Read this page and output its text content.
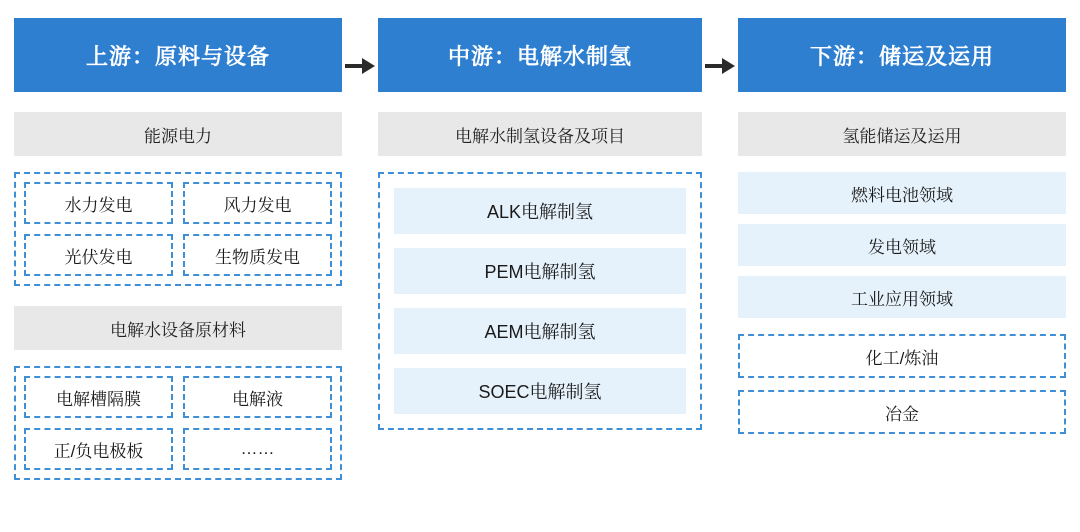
上游：原料与设备
能源电力
水力发电	风力发电
光伏发电	生物质发电
电解水设备原材料
电解槽隔膜	电解液
正/负电极板	……
中游：电解水制氢
电解水制氢设备及项目
ALK电解制氢
PEM电解制氢
AEM电解制氢
SOEC电解制氢
下游：储运及运用
氢能储运及运用
燃料电池领域
发电领域
工业应用领域
化工/炼油
冶金
